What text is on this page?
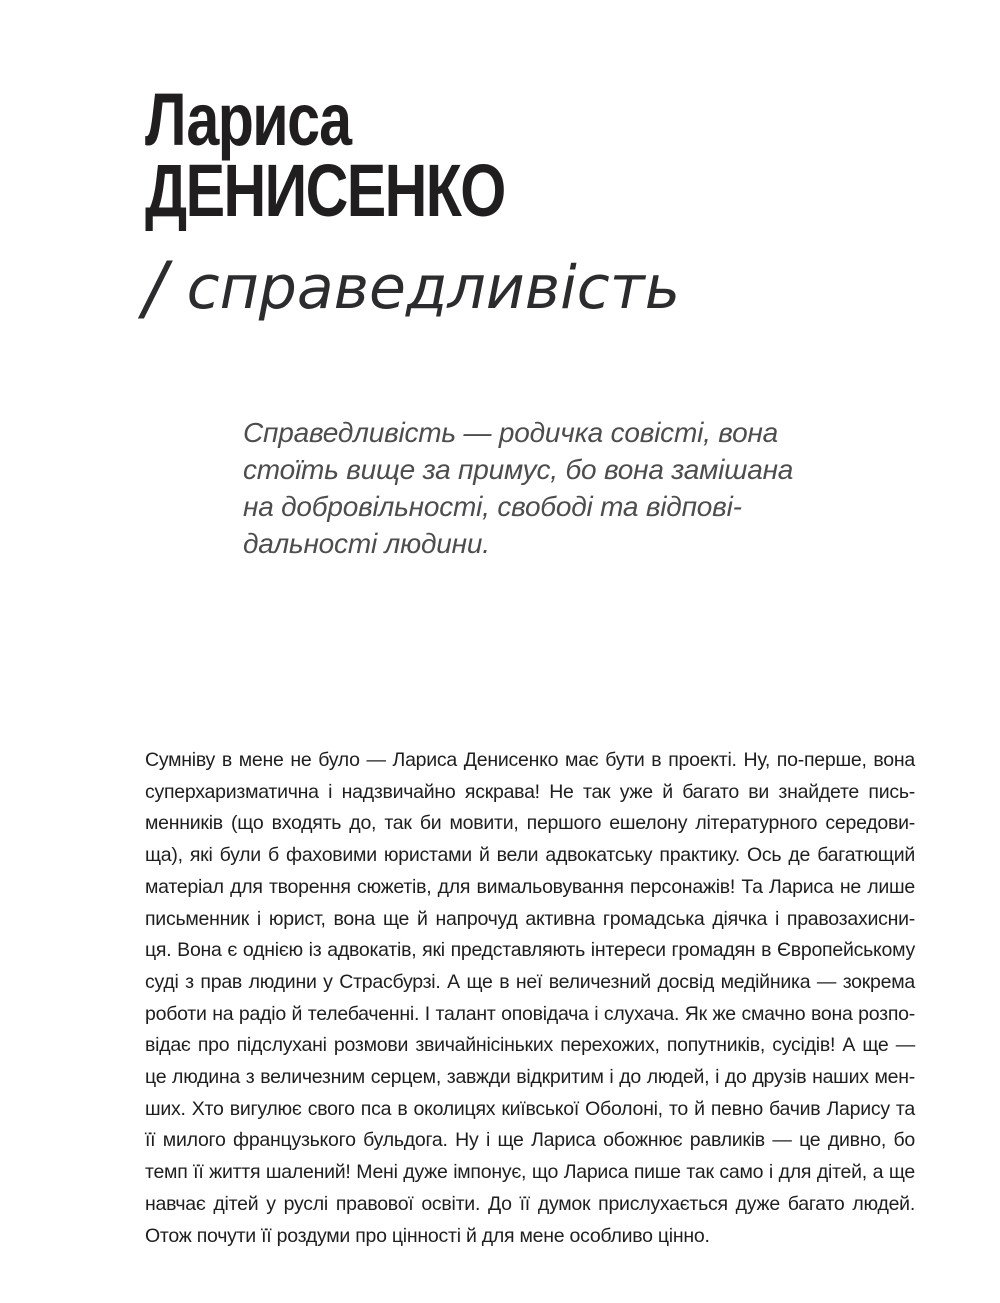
Лариса
ДЕНИСЕНКО
/ справедливість
Справедливість — родичка совісті, вона
стоїть вище за примус, бо вона замішана
на добровільності, свободі та відпові-
дальності людини.
Сумніву в мене не було — Лариса Денисенко має бути в проекті. Ну, по-перше, вона
суперхаризматична і надзвичайно яскрава! Не так уже й багато ви знайдете пись-
менників (що входять до, так би мовити, першого ешелону літературного середови-
ща), які були б фаховими юристами й вели адвокатську практику. Ось де багатющий
матеріал для творення сюжетів, для вимальовування персонажів! Та Лариса не лише
письменник і юрист, вона ще й напрочуд активна громадська діячка і правозахисни-
ця. Вона є однією із адвокатів, які представляють інтереси громадян в Європейському
суді з прав людини у Страсбурзі. А ще в неї величезний досвід медійника — зокрема
роботи на радіо й телебаченні. І талант оповідача і слухача. Як же смачно вона розпо-
відає про підслухані розмови звичайнісіньких перехожих, попутників, сусідів! А ще —
це людина з величезним серцем, завжди відкритим і до людей, і до друзів наших мен-
ших. Хто вигулює свого пса в околицях київської Оболоні, то й певно бачив Ларису та
її милого французького бульдога. Ну і ще Лариса обожнює равликів — це дивно, бо
темп її життя шалений! Мені дуже імпонує, що Лариса пише так само і для дітей, а ще
навчає дітей у руслі правової освіти. До її думок прислухається дуже багато людей.
Отож почути її роздуми про цінності й для мене особливо цінно.
